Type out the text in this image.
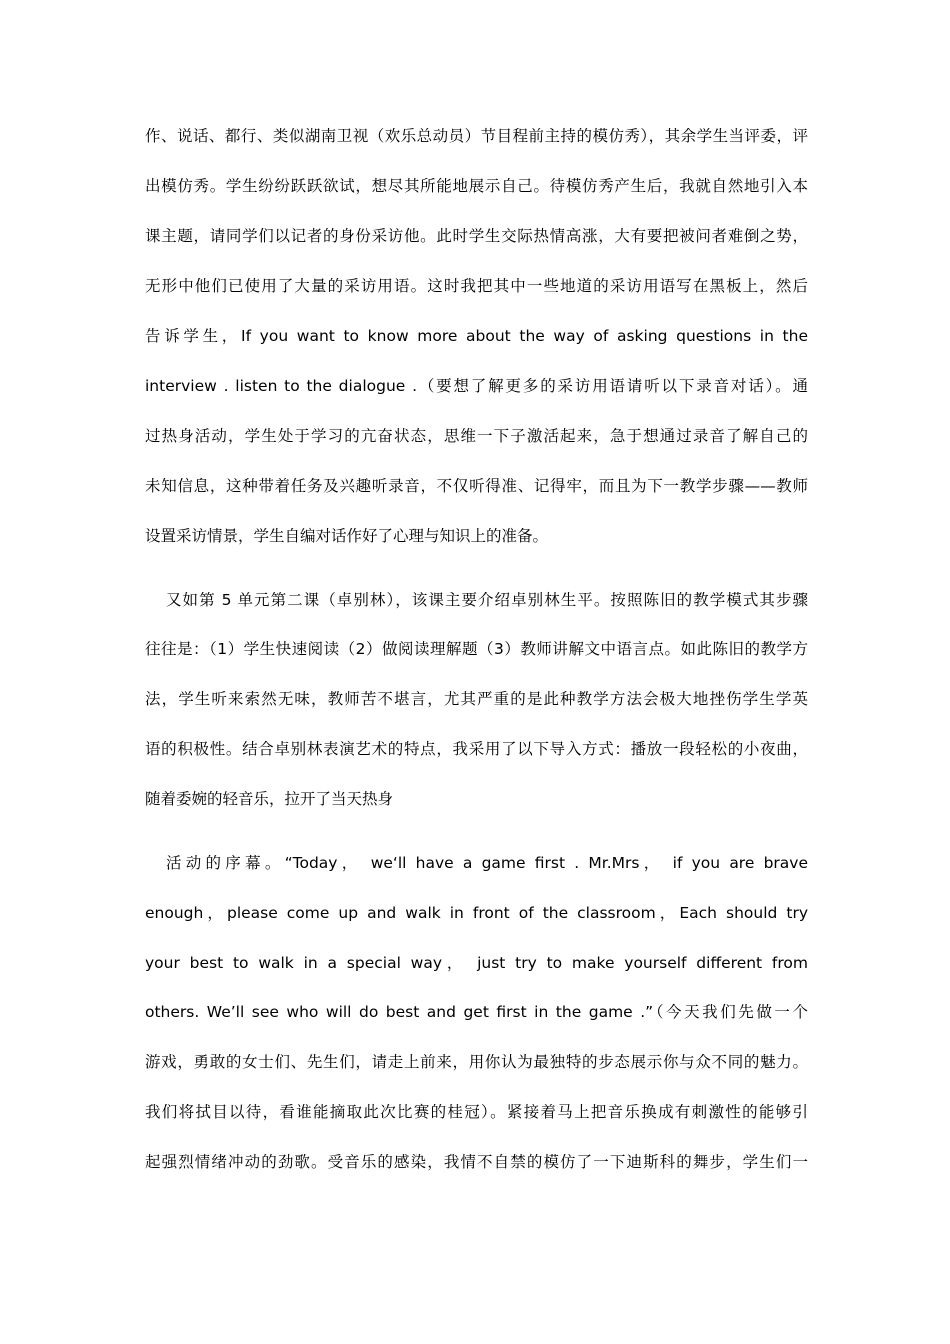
作、说话、都行、类似湖南卫视（欢乐总动员）节目程前主持的模仿秀），其余学生当评委，评
出模仿秀。学生纷纷跃跃欲试，想尽其所能地展示自己。待模仿秀产生后，我就自然地引入本
课主题，请同学们以记者的身份采访他。此时学生交际热情高涨，大有要把被问者难倒之势，
无形中他们已使用了大量的采访用语。这时我把其中一些地道的采访用语写在黑板上，然后
告诉学生，If you want to know more about the way of asking questions in the
interview . listen to the dialogue .（要想了解更多的采访用语请听以下录音对话）。通
过热身活动，学生处于学习的亢奋状态，思维一下子激活起来，急于想通过录音了解自己的
未知信息，这种带着任务及兴趣听录音，不仅听得准、记得牢，而且为下一教学步骤——教师
设置采访情景，学生自编对话作好了心理与知识上的准备。
又如第 5 单元第二课（卓别林），该课主要介绍卓别林生平。按照陈旧的教学模式其步骤
往往是：（1）学生快速阅读（2）做阅读理解题（3）教师讲解文中语言点。如此陈旧的教学方
法，学生听来索然无味，教师苦不堪言，尤其严重的是此种教学方法会极大地挫伤学生学英
语的积极性。结合卓别林表演艺术的特点，我采用了以下导入方式：播放一段轻松的小夜曲，
随着委婉的轻音乐，拉开了当天热身
活动的序幕。“Today， we‘ll have a game first . Mr.Mrs， if you are brave
enough，please come up and walk in front of the classroom，Each should try
your best to walk in a special way， just try to make yourself different from
others. We’ll see who will do best and get first in the game .”（今天我们先做一个
游戏，勇敢的女士们、先生们，请走上前来，用你认为最独特的步态展示你与众不同的魅力。
我们将拭目以待，看谁能摘取此次比赛的桂冠）。紧接着马上把音乐换成有刺激性的能够引
起强烈情绪冲动的劲歌。受音乐的感染，我情不自禁的模仿了一下迪斯科的舞步，学生们一
